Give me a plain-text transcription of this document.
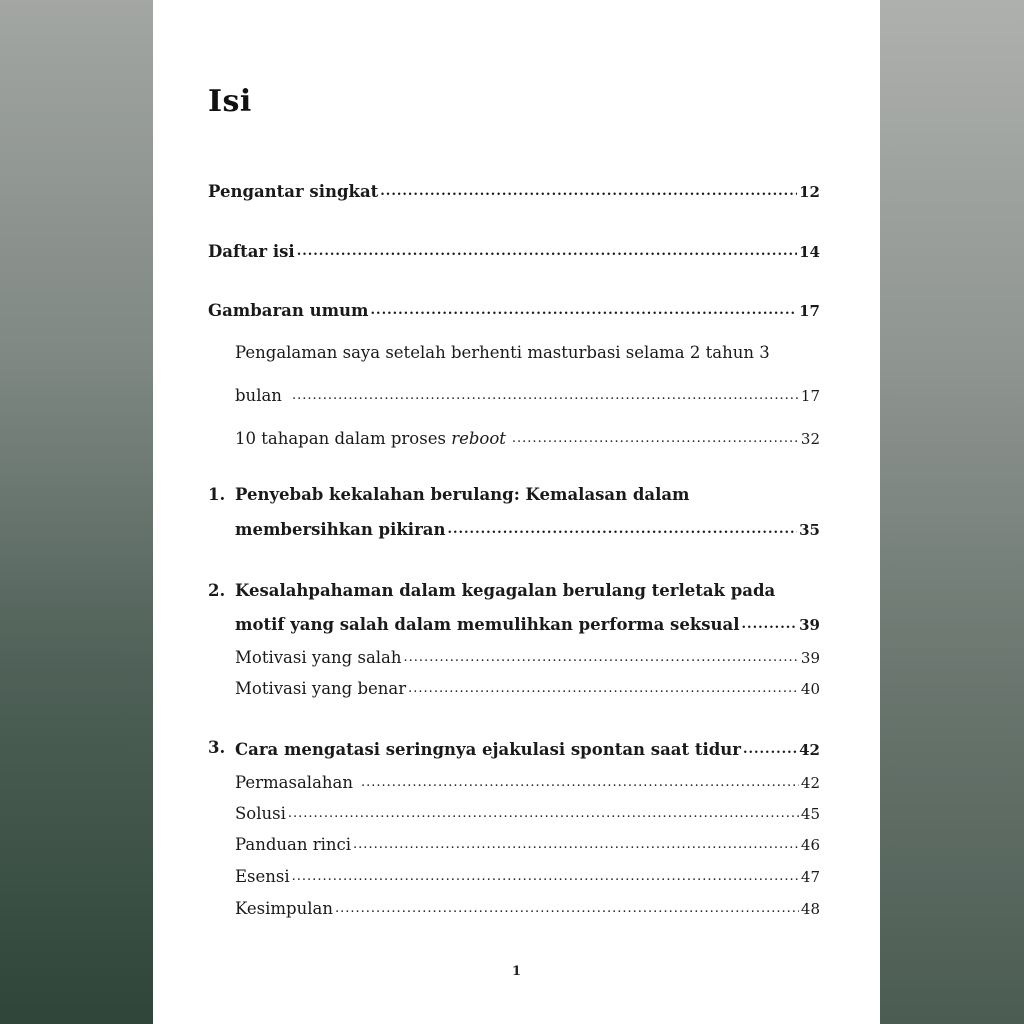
Isi
Pengantar singkat .....	12
Daftar isi .....	14
Gambaran umum .....	17
Pengalaman saya setelah berhenti masturbasi selama 2 tahun 3
bulan .....	17
10 tahapan dalam proses reboot .....	32
1. Penyebab kekalahan berulang: Kemalasan dalam
membersihkan pikiran .....	35
2. Kesalahpahaman dalam kegagalan berulang terletak pada
motif yang salah dalam memulihkan performa seksual .....	39
Motivasi yang salah .....	39
Motivasi yang benar .....	40
3. Cara mengatasi seringnya ejakulasi spontan saat tidur .....	42
Permasalahan .....	42
Solusi .....	45
Panduan rinci .....	46
Esensi .....	47
Kesimpulan .....	48
1
